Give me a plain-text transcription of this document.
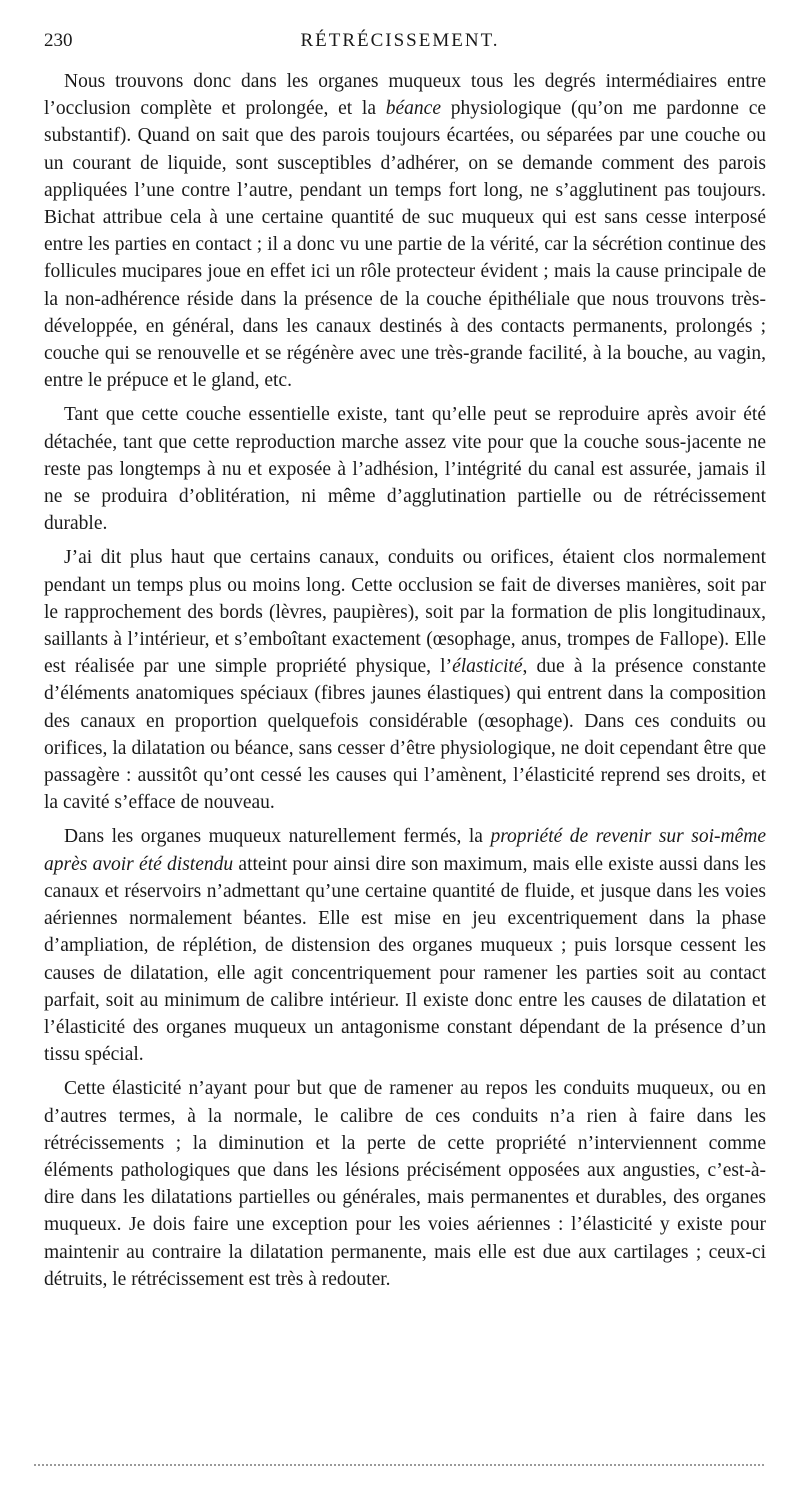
230	RÉTRÉCISSEMENT.

Nous trouvons donc dans les organes muqueux tous les degrés intermédiaires entre l’occlusion complète et prolongée, et la béance physiologique (qu’on me pardonne ce substantif). Quand on sait que des parois toujours écartées, ou séparées par une couche ou un courant de liquide, sont susceptibles d’adhérer, on se demande comment des parois appliquées l’une contre l’autre, pendant un temps fort long, ne s’agglutinent pas toujours. Bichat attribue cela à une certaine quantité de suc muqueux qui est sans cesse interposé entre les parties en contact ; il a donc vu une partie de la vérité, car la sécrétion continue des follicules mucipares joue en effet ici un rôle protecteur évident ; mais la cause principale de la non-adhérence réside dans la présence de la couche épithéliale que nous trouvons très-développée, en général, dans les canaux destinés à des contacts permanents, prolongés ; couche qui se renouvelle et se régénère avec une très-grande facilité, à la bouche, au vagin, entre le prépuce et le gland, etc.

Tant que cette couche essentielle existe, tant qu’elle peut se reproduire après avoir été détachée, tant que cette reproduction marche assez vite pour que la couche sous-jacente ne reste pas longtemps à nu et exposée à l’adhésion, l’intégrité du canal est assurée, jamais il ne se produira d’oblitération, ni même d’agglutination partielle ou de rétrécissement durable.

J’ai dit plus haut que certains canaux, conduits ou orifices, étaient clos normalement pendant un temps plus ou moins long. Cette occlusion se fait de diverses manières, soit par le rapprochement des bords (lèvres, paupières), soit par la formation de plis longitudinaux, saillants à l’intérieur, et s’emboîtant exactement (œsophage, anus, trompes de Fallope). Elle est réalisée par une simple propriété physique, l’élasticité, due à la présence constante d’éléments anatomiques spéciaux (fibres jaunes élastiques) qui entrent dans la composition des canaux en proportion quelquefois considérable (œsophage). Dans ces conduits ou orifices, la dilatation ou béance, sans cesser d’être physiologique, ne doit cependant être que passagère : aussitôt qu’ont cessé les causes qui l’amènent, l’élasticité reprend ses droits, et la cavité s’efface de nouveau.

Dans les organes muqueux naturellement fermés, la propriété de revenir sur soi-même après avoir été distendu atteint pour ainsi dire son maximum, mais elle existe aussi dans les canaux et réservoirs n’admettant qu’une certaine quantité de fluide, et jusque dans les voies aériennes normalement béantes. Elle est mise en jeu excentriquement dans la phase d’ampliation, de réplétion, de distension des organes muqueux ; puis lorsque cessent les causes de dilatation, elle agit concentriquement pour ramener les parties soit au contact parfait, soit au minimum de calibre intérieur. Il existe donc entre les causes de dilatation et l’élasticité des organes muqueux un antagonisme constant dépendant de la présence d’un tissu spécial.

Cette élasticité n’ayant pour but que de ramener au repos les conduits muqueux, ou en d’autres termes, à la normale, le calibre de ces conduits n’a rien à faire dans les rétrécissements ; la diminution et la perte de cette propriété n’interviennent comme éléments pathologiques que dans les lésions précisément opposées aux angusties, c’est-à-dire dans les dilatations partielles ou générales, mais permanentes et durables, des organes muqueux. Je dois faire une exception pour les voies aériennes : l’élasticité y existe pour maintenir au contraire la dilatation permanente, mais elle est due aux cartilages ; ceux-ci détruits, le rétrécissement est très à redouter.
